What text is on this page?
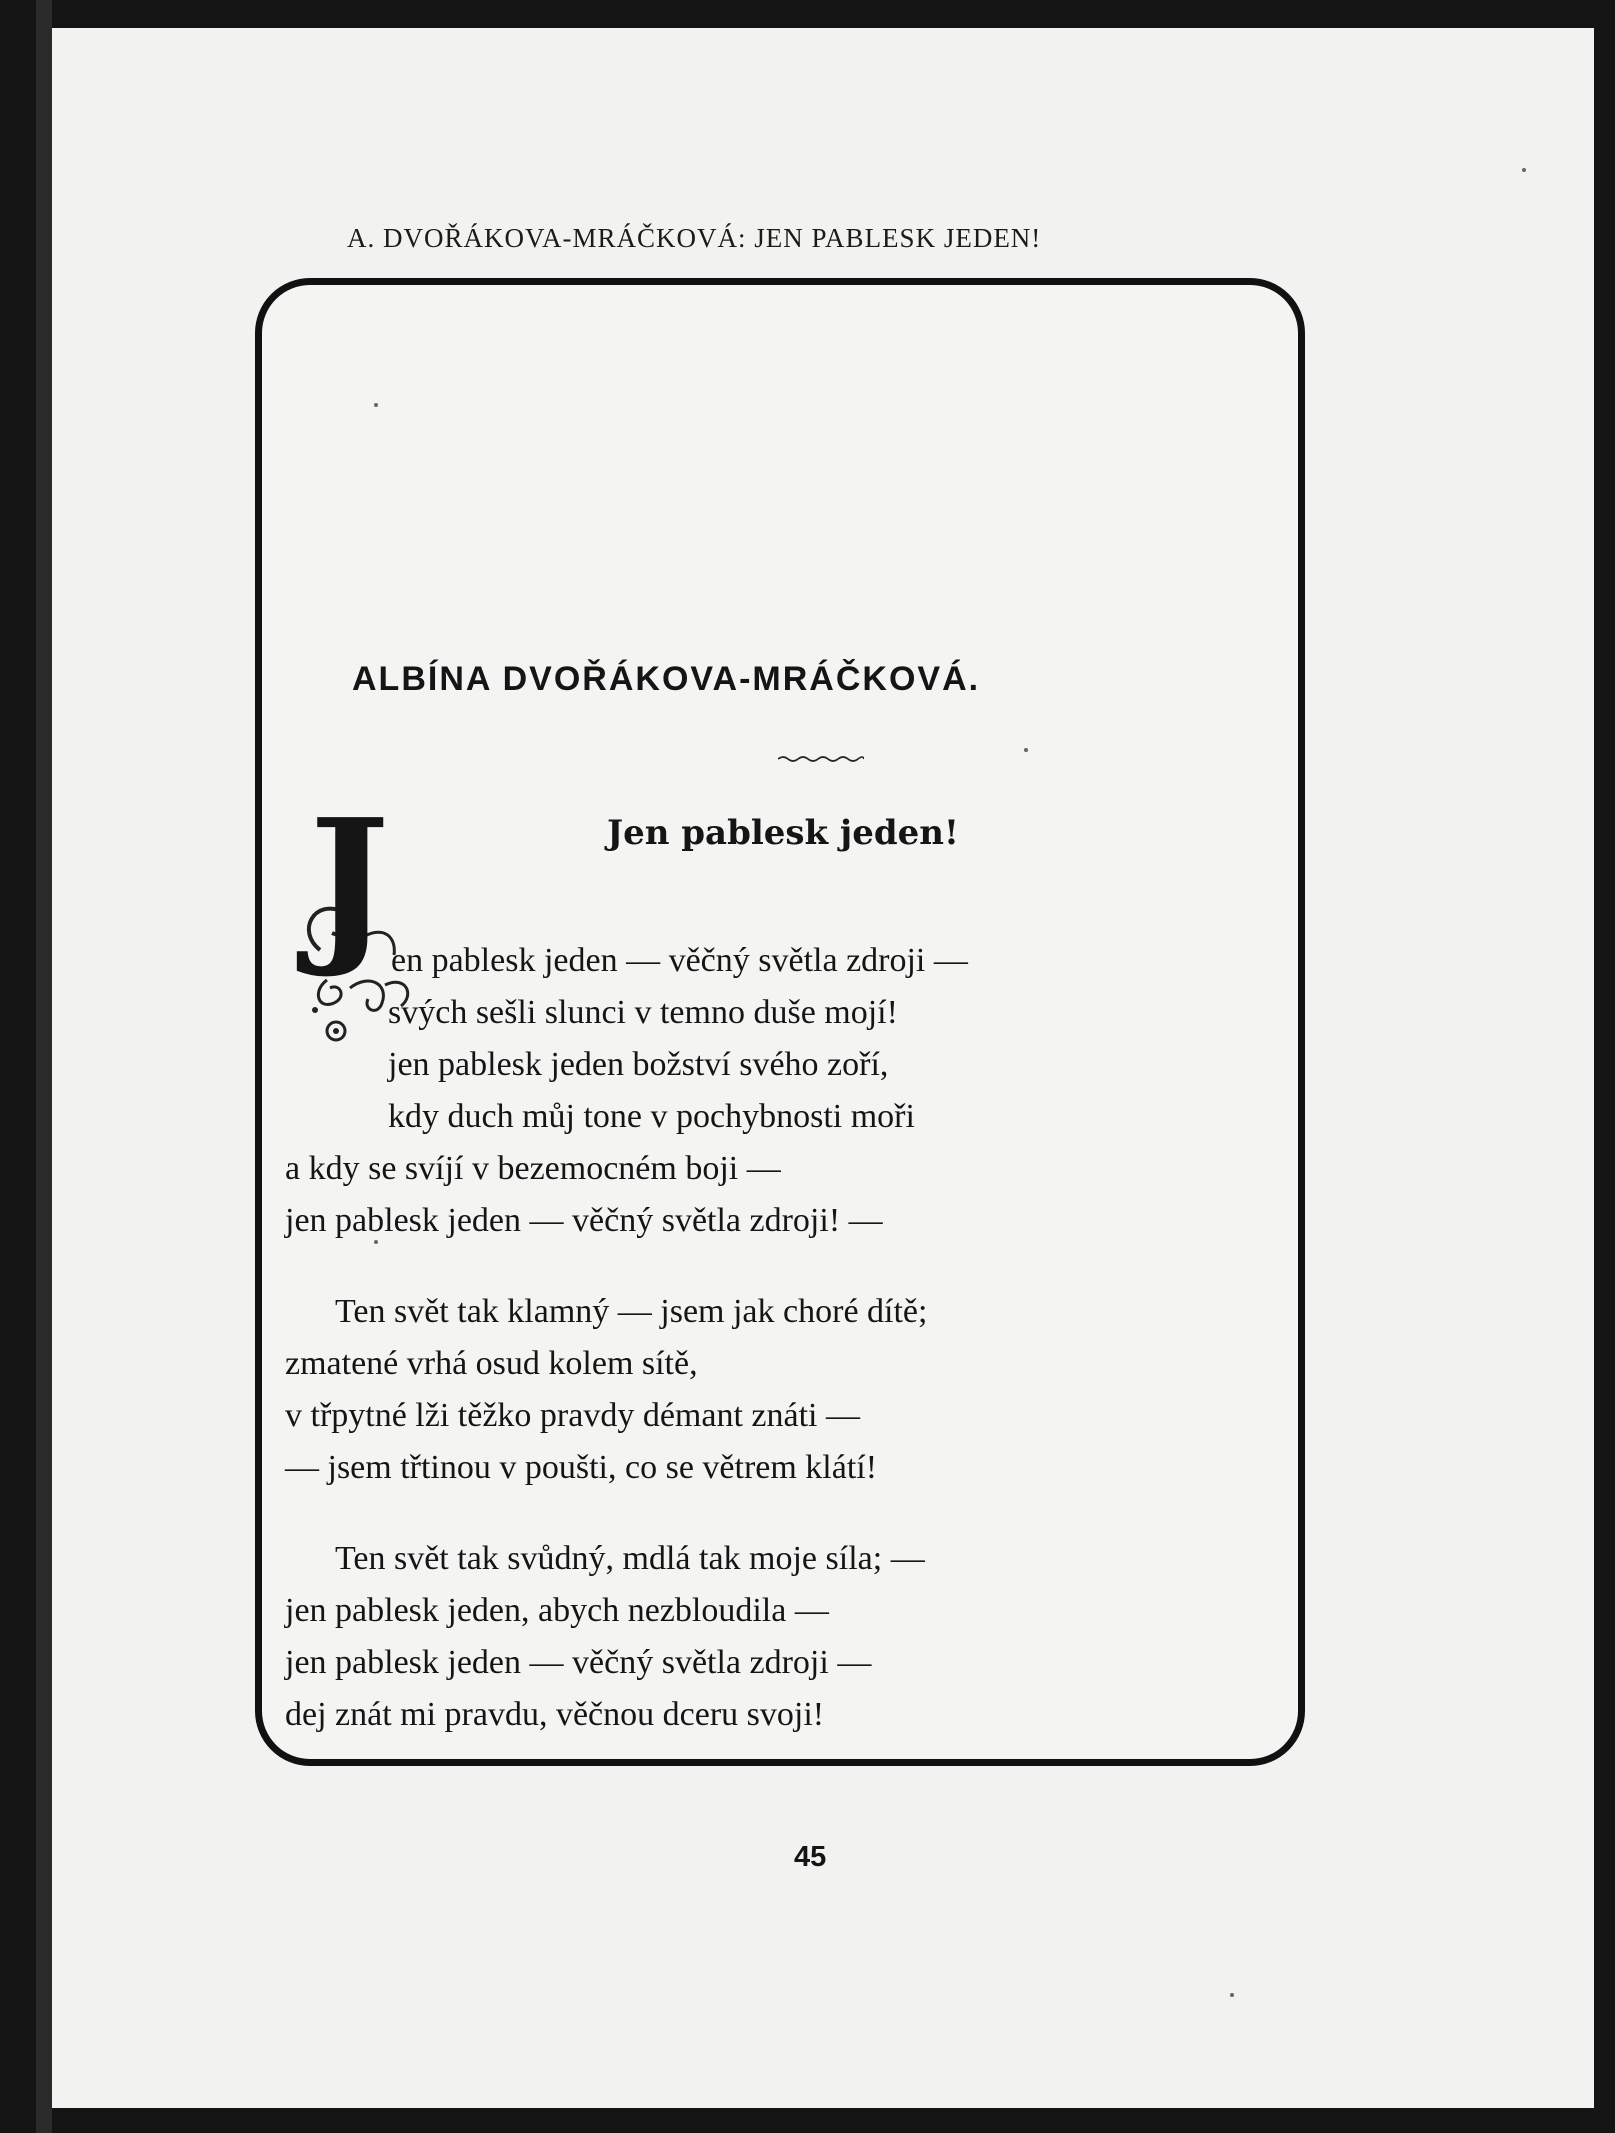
A. DVOŘÁKOVA-MRÁČKOVÁ: JEN PABLESK JEDEN!
ALBÍNA DVOŘÁKOVA-MRÁČKOVÁ.
Jen pablesk jeden!
J en pablesk jeden — věčný světla zdroji —
svých sešli slunci v temno duše mojí!
jen pablesk jeden božství svého zoří,
kdy duch můj tone v pochybnosti moři
a kdy se svíjí v bezemocném boji —
jen pablesk jeden — věčný světla zdroji! —
Ten svět tak klamný — jsem jak choré dítě;
zmatené vrhá osud kolem sítě,
v třpytné lži těžko pravdy démant znáti —
— jsem třtinou v poušti, co se větrem klátí!
Ten svět tak svůdný, mdlá tak moje síla; —
jen pablesk jeden, abych nezbloudila —
jen pablesk jeden — věčný světla zdroji —
dej znát mi pravdu, věčnou dceru svoji!
45
